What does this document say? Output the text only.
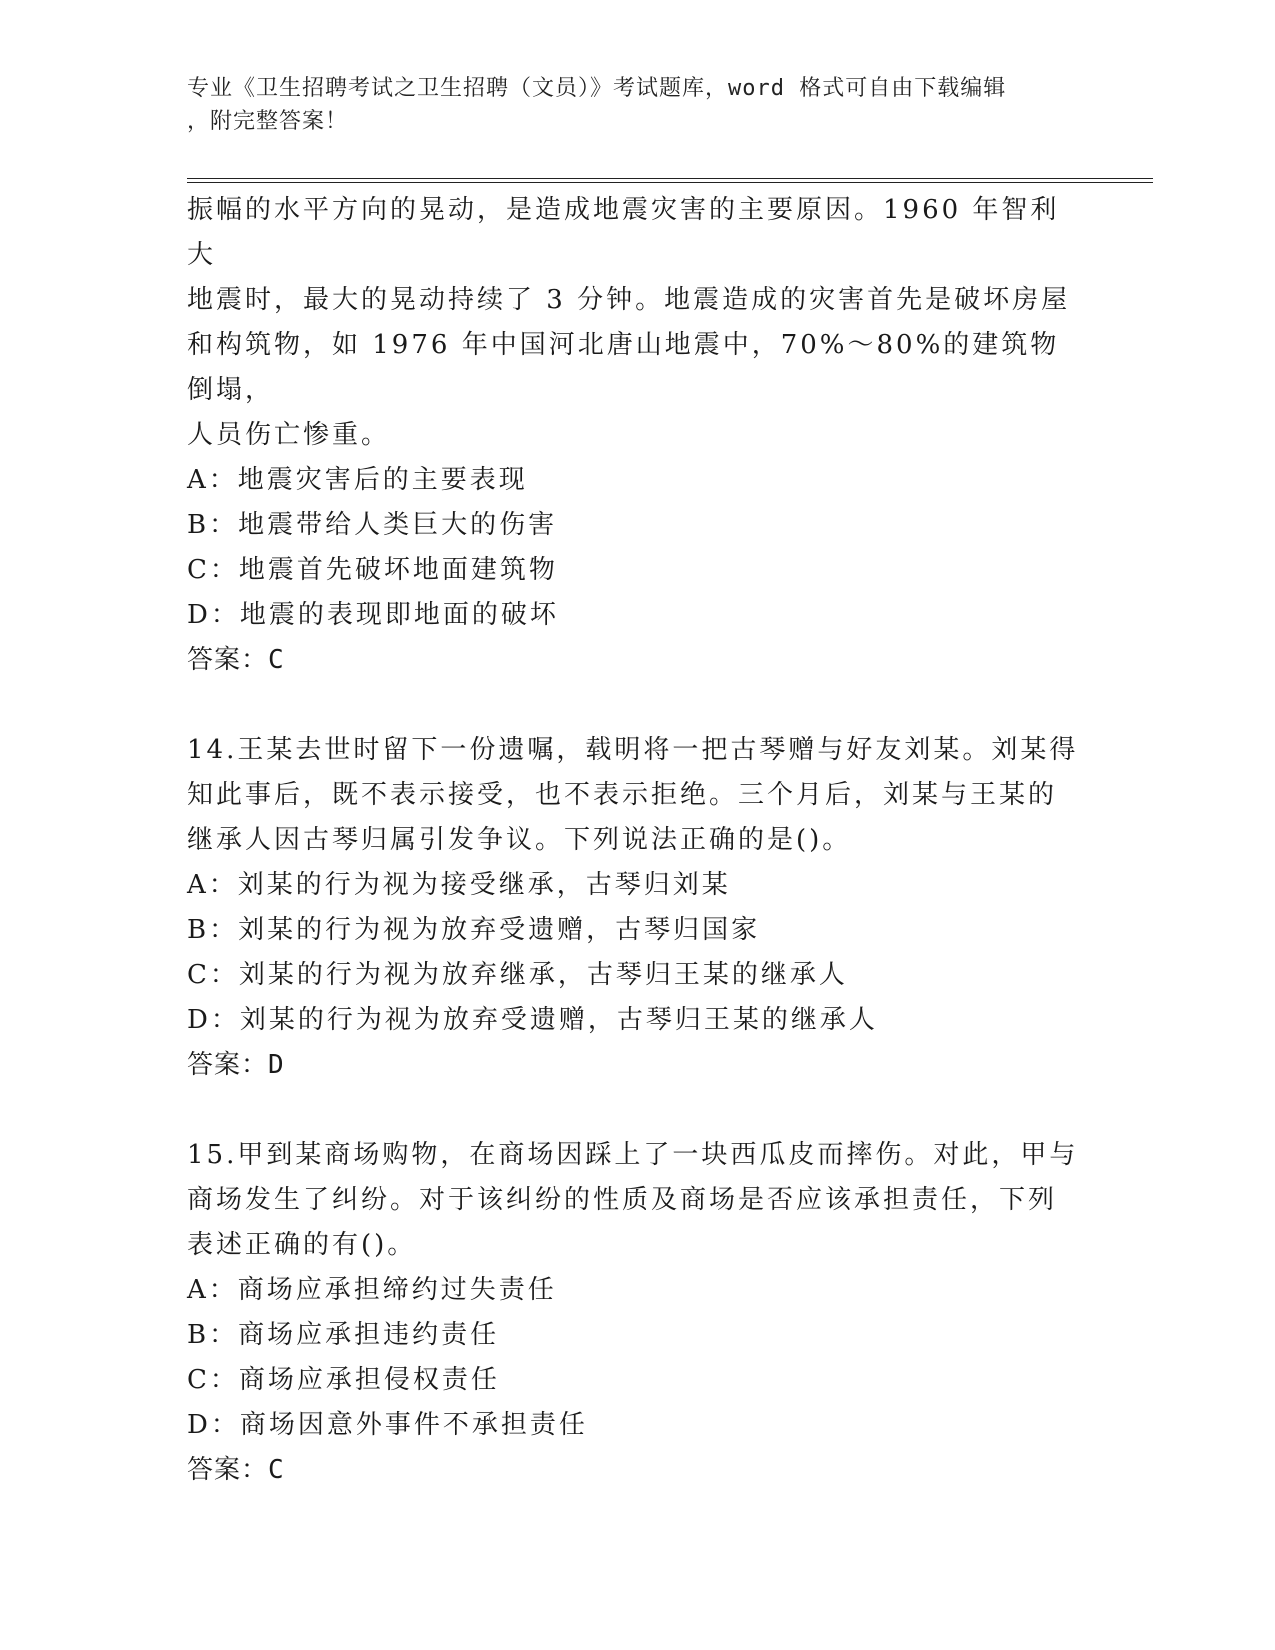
专业《卫生招聘考试之卫生招聘（文员）》考试题库，word 格式可自由下载编辑
，附完整答案！

振幅的水平方向的晃动，是造成地震灾害的主要原因。1960 年智利大

地震时，最大的晃动持续了 3 分钟。地震造成的灾害首先是破坏房屋

和构筑物，如 1976 年中国河北唐山地震中，70%～80%的建筑物倒塌，

人员伤亡惨重。

A：地震灾害后的主要表现

B：地震带给人类巨大的伤害

C：地震首先破坏地面建筑物

D：地震的表现即地面的破坏

答案：C

14.王某去世时留下一份遗嘱，载明将一把古琴赠与好友刘某。刘某得

知此事后，既不表示接受，也不表示拒绝。三个月后，刘某与王某的

继承人因古琴归属引发争议。下列说法正确的是()。

A：刘某的行为视为接受继承，古琴归刘某

B：刘某的行为视为放弃受遗赠，古琴归国家

C：刘某的行为视为放弃继承，古琴归王某的继承人

D：刘某的行为视为放弃受遗赠，古琴归王某的继承人

答案：D

15.甲到某商场购物，在商场因踩上了一块西瓜皮而摔伤。对此，甲与

商场发生了纠纷。对于该纠纷的性质及商场是否应该承担责任，下列

表述正确的有()。

A：商场应承担缔约过失责任

B：商场应承担违约责任

C：商场应承担侵权责任

D：商场因意外事件不承担责任

答案：C
